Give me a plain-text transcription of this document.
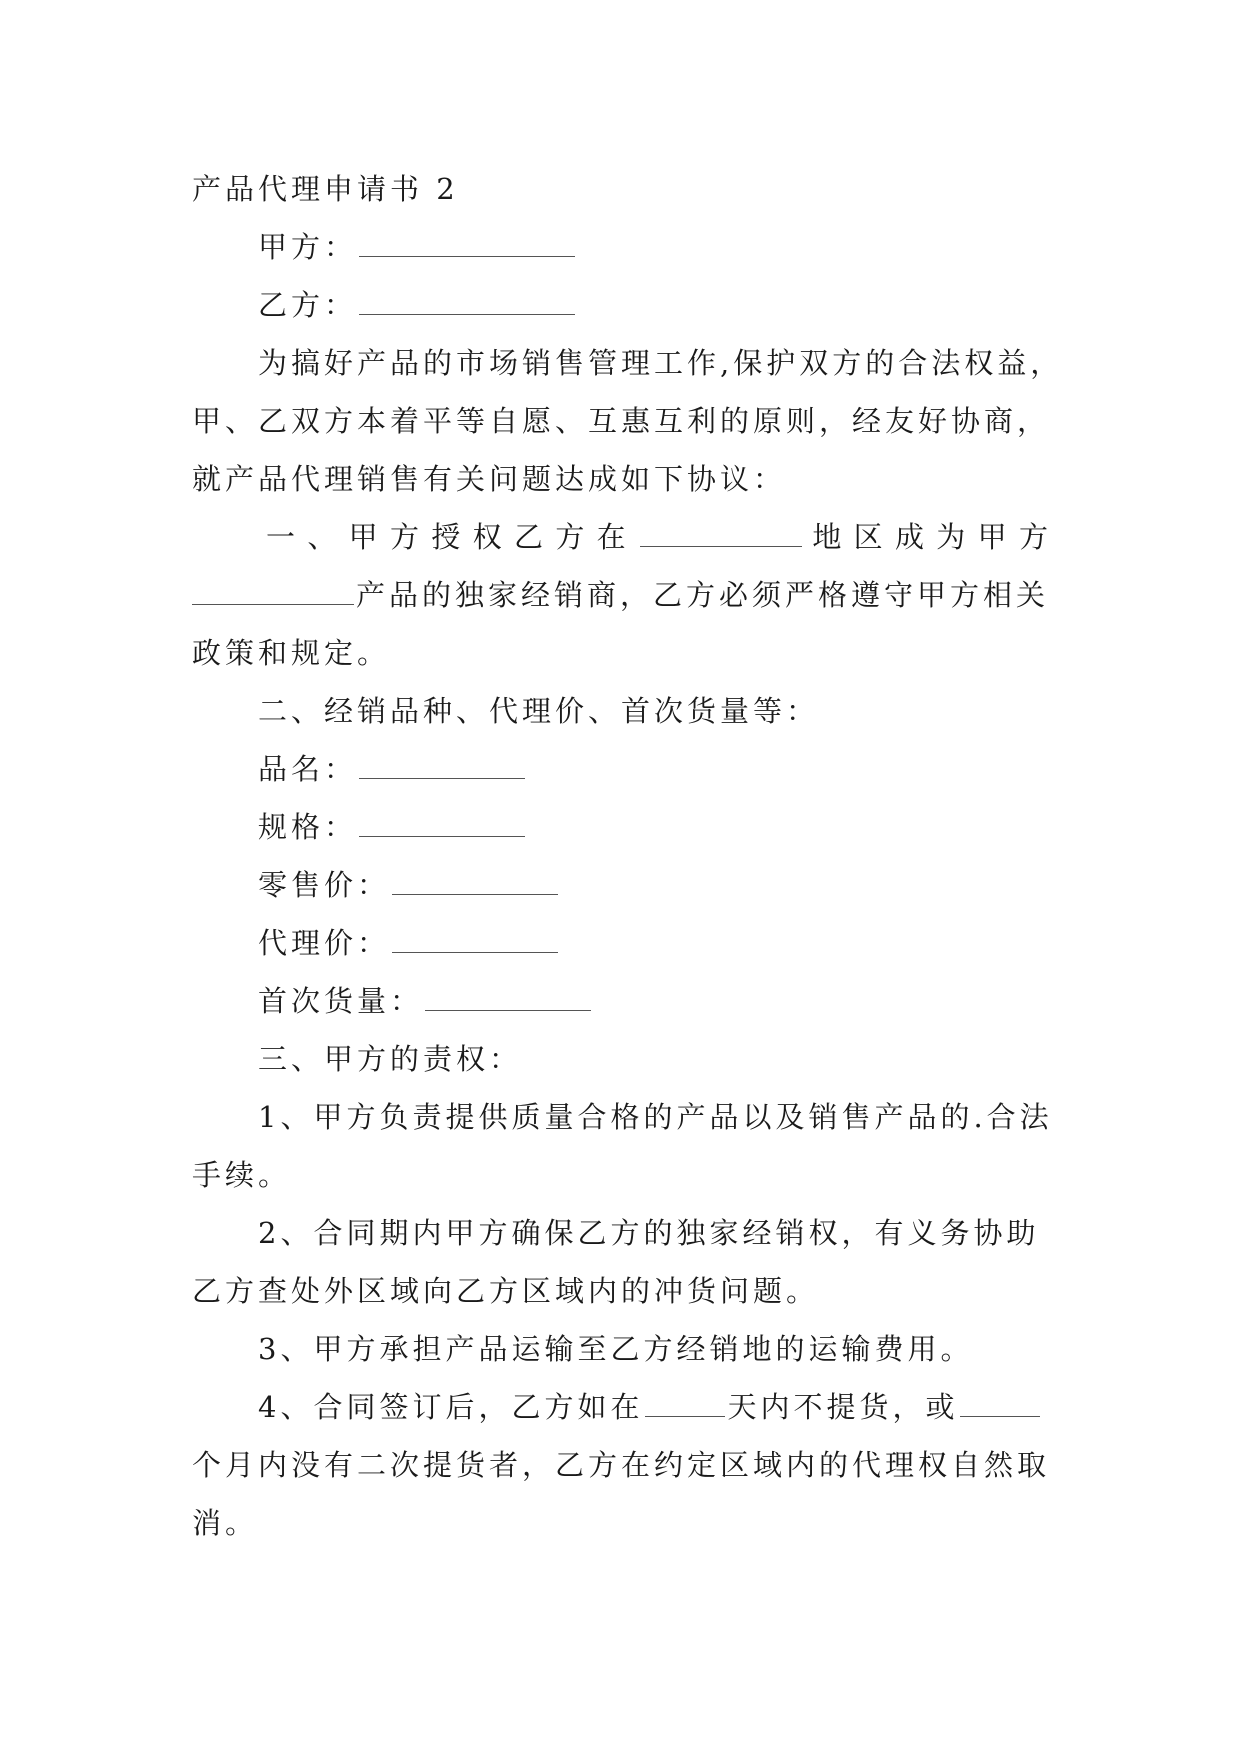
产品代理申请书 2
甲方：
乙方：
为搞好产品的市场销售管理工作,保护双方的合法权益，
甲、乙双方本着平等自愿、互惠互利的原则，经友好协商，
就产品代理销售有关问题达成如下协议：
一、甲方授权乙方在	地区成为甲方
产品的独家经销商，乙方必须严格遵守甲方相关
政策和规定。
二、经销品种、代理价、首次货量等：
品名：
规格：
零售价：
代理价：
首次货量：
三、甲方的责权：
1、甲方负责提供质量合格的产品以及销售产品的.合法
手续。
2、合同期内甲方确保乙方的独家经销权，有义务协助
乙方查处外区域向乙方区域内的冲货问题。
3、甲方承担产品运输至乙方经销地的运输费用。
4、合同签订后，乙方如在	天内不提货，或
个月内没有二次提货者，乙方在约定区域内的代理权自然取
消。
